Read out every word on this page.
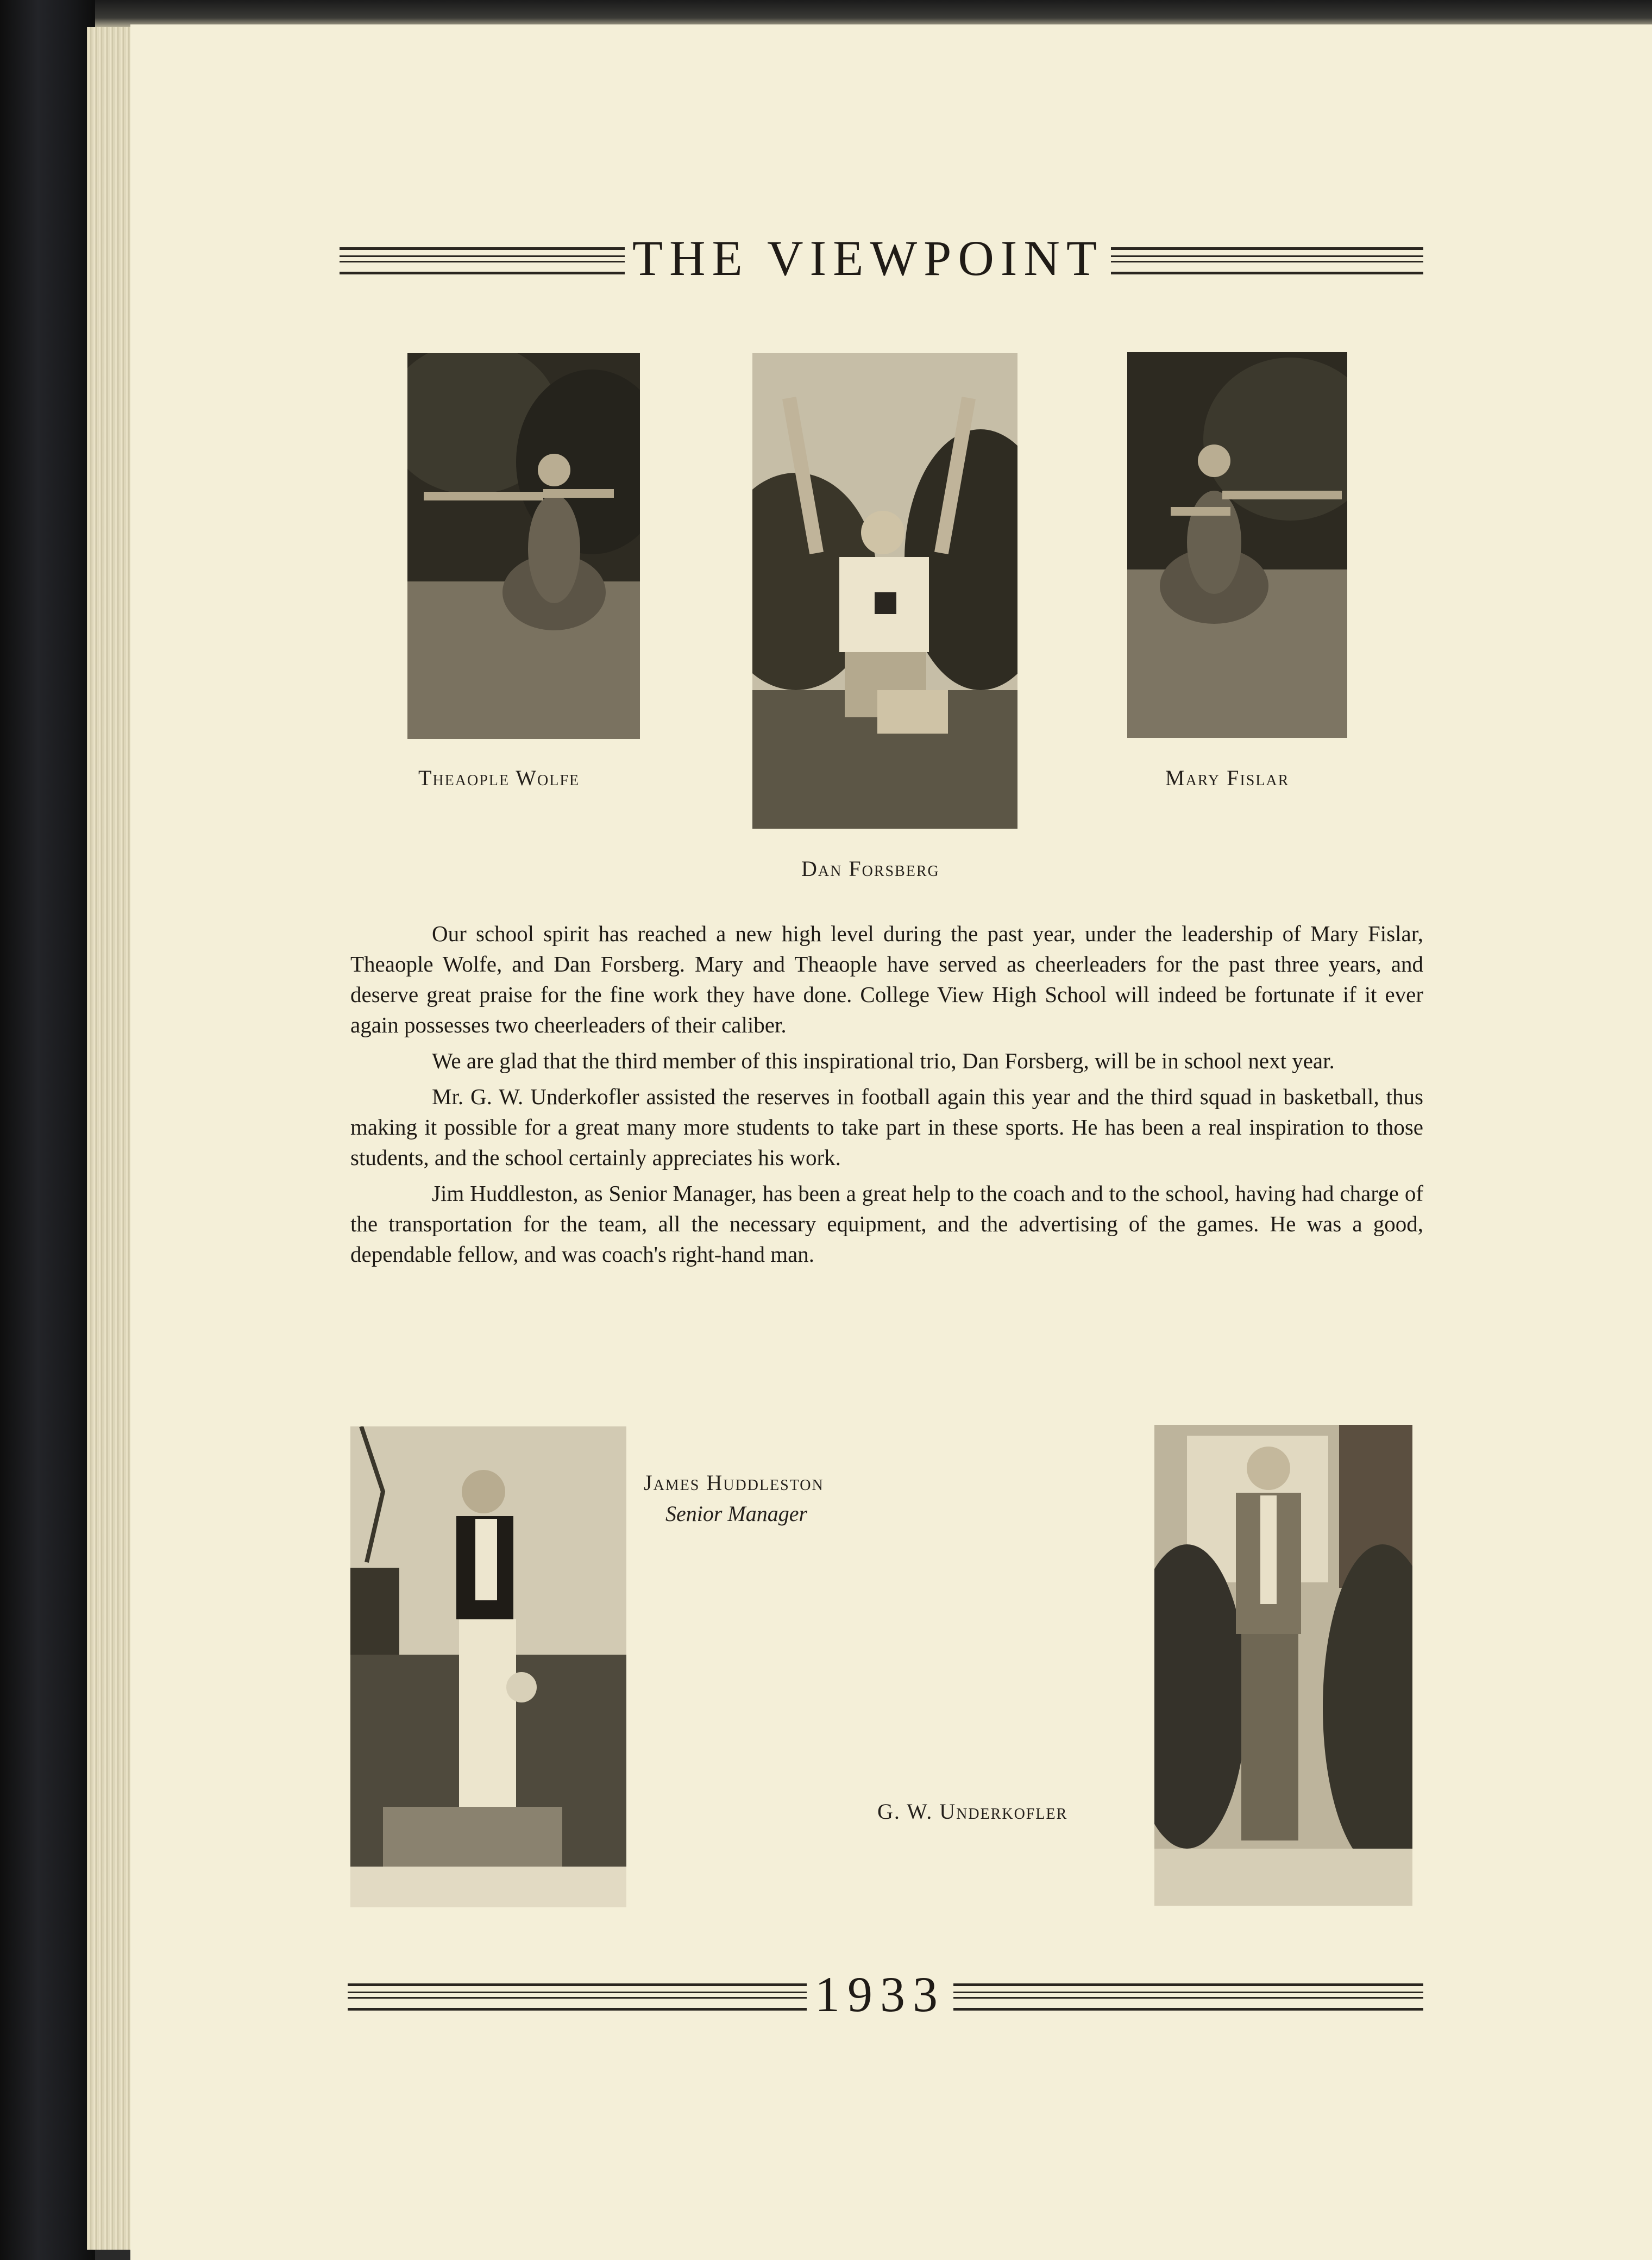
THE VIEWPOINT
Theaople Wolfe	Mary Fislar
Dan Forsberg

Our school spirit has reached a new high level during the past year, under the leadership of Mary Fislar, Theaople Wolfe, and Dan Forsberg. Mary and Theaople have served as cheerleaders for the past three years, and deserve great praise for the fine work they have done. College View High School will indeed be fortunate if it ever again possesses two cheerleaders of their caliber.

We are glad that the third member of this inspirational trio, Dan Forsberg, will be in school next year.

Mr. G. W. Underkofler assisted the reserves in football again this year and the third squad in basketball, thus making it possible for a great many more students to take part in these sports. He has been a real inspiration to those students, and the school certainly appreciates his work.

Jim Huddleston, as Senior Manager, has been a great help to the coach and to the school, having had charge of the transportation for the team, all the necessary equipment, and the advertising of the games. He was a good, dependable fellow, and was coach's right-hand man.

James Huddleston
Senior Manager
G. W. Underkofler
1933
